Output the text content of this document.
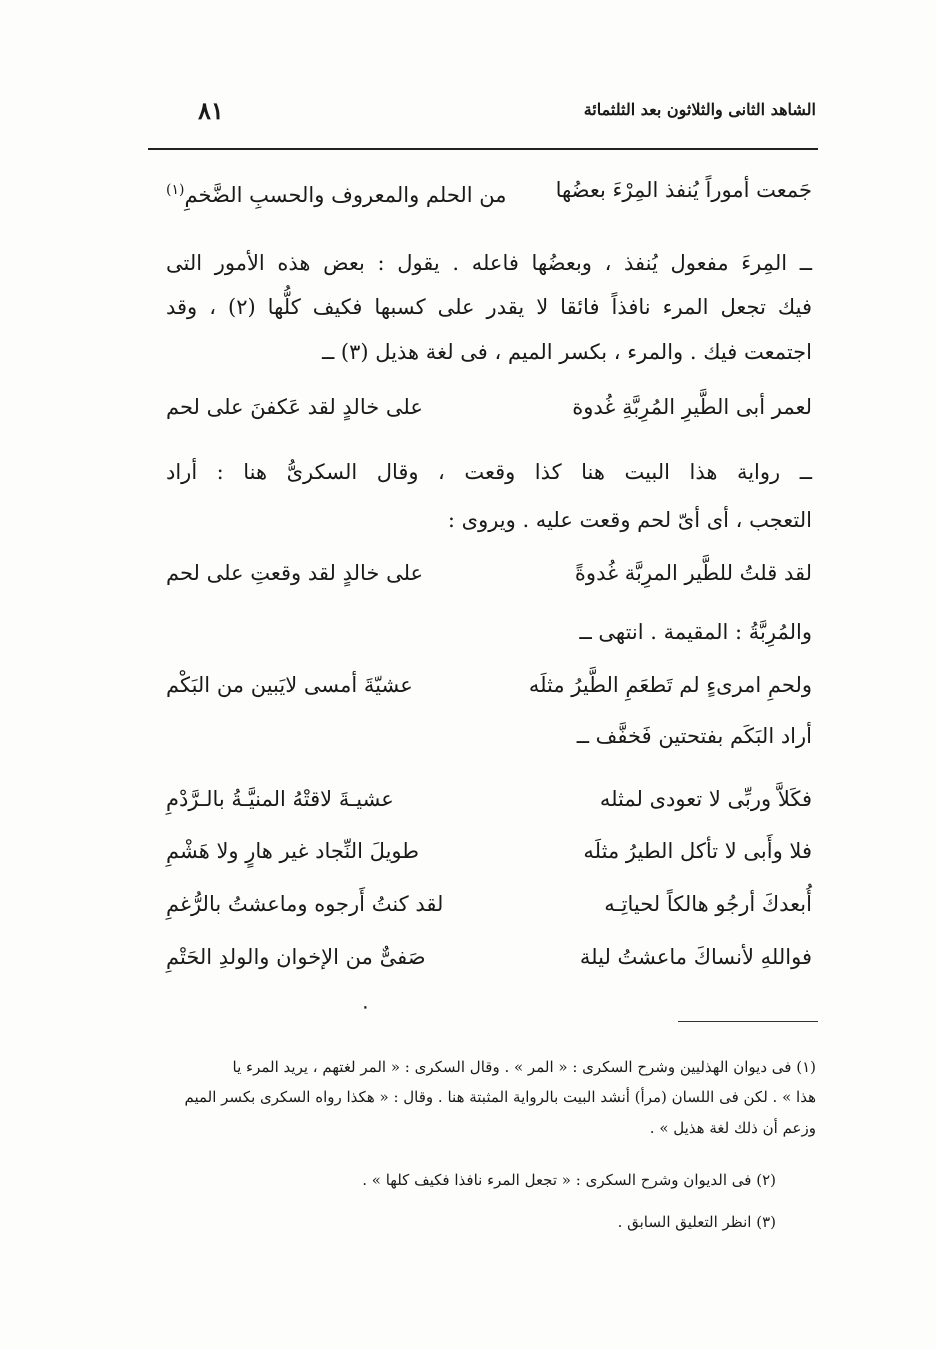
الشاهد الثانى والثلاثون بعد الثلثمائة
٨١
جَمعت أموراً يُنفذ المِرْءَ بعضُها
من الحلم والمعروف والحسبِ الضَّخمِ$^{(١)}$
ــ المِرءَ مفعول يُنفذ ، وبعضُها فاعله . يقول : بعض هذه الأمور التى
فيك تجعل المرء نافذاً فائقا لا يقدر على كسبها فكيف كلُّها (٢) ، وقد
اجتمعت فيك . والمرء ، بكسر الميم ، فى لغة هذيل (٣) ــ
لعمر أبى الطَّيرِ المُرِبَّةِ غُدوة
على خالدٍ لقد عَكفنَ على لحم
ــ رواية هذا البيت هنا كذا وقعت ، وقال السكرىُّ هنا : أراد
التعجب ، أى أىّ لحم وقعت عليه . ويروى :
لقد قلتُ للطَّير المرِبَّة غُدوةً
على خالدٍ لقد وقعتِ على لحم
والمُرِبَّةُ : المقيمة . انتهى ــ
ولحمِ امرىءٍ لم تَطعَمِ الطَّيرُ مثلَه
عشيّةَ أمسى لايَبين من البَكْم
أراد البَكَم بفتحتين فَخفَّف ــ
فكَلاَّ وربِّى لا تعودى لمثله
عشيـةَ لاقتْهُ المنيَّـةُ بالـرَّدْمِ
فلا وأَبى لا تأكل الطيرُ مثلَه
طويلَ النِّجاد غير هارٍ ولا هَشْمِ
أُبعدكَ أرجُو هالكاً لحياتِـه
لقد كنتُ أَرجوه وماعشتُ بالرُّغمِ
فواللهِ لأنساكَ ماعشتُ ليلة
صَفىٌّ من الإخوان والولدِ الحَتْمِ
٠
(١) فى ديوان الهذليين وشرح السكرى : « المر » . وقال السكرى : « المر لغتهم ، يريد المرء يا
هذا » . لكن فى اللسان (مرأ) أنشد البيت بالرواية المثبتة هنا . وقال : « هكذا رواه السكرى بكسر الميم
وزعم أن ذلك لغة هذيل » .
(٢) فى الديوان وشرح السكرى : « تجعل المرء نافذا فكيف كلها » .
(٣) انظر التعليق السابق .
